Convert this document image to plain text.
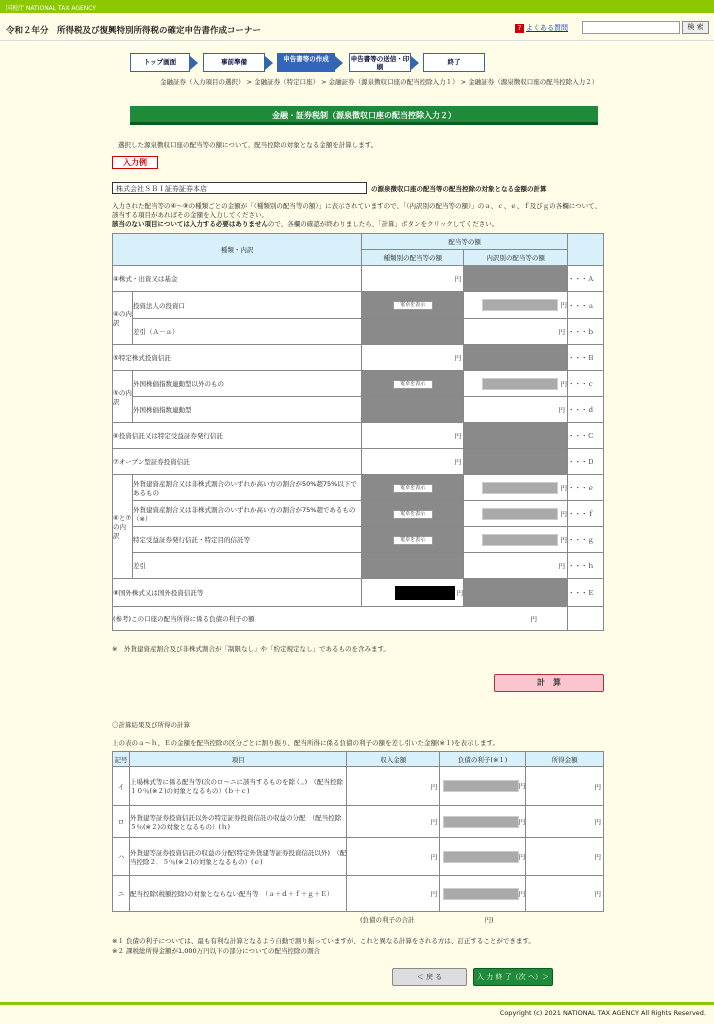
国税庁 NATIONAL TAX AGENCY
令和２年分　所得税及び復興特別所得税の確定申告書作成コーナー	? よくある質問	検 索
トップ画面	事前準備	申告書等の作成	申告書等の送信・印刷
終了
金融証券（入力項目の選択） > 金融証券（特定口座） > 金融証券（源泉徴収口座の配当控除入力１） > 金融証券（源泉徴収口座の配当控除入力２）
金融・証券税制（源泉徴収口座の配当控除入力２）
選択した源泉徴収口座の配当等の額について、配当控除の対象となる金額を計算します。
入力例
株式会社ＳＢＩ証券証券本店	の源泉徴収口座の配当等の配当控除の対象となる金額の計算
入力された配当等の④～⑧の種類ごとの金額が「（種類別の配当等の額）」に表示されていますので、「（内訳別の配当等の額）」のａ、ｃ、ｅ、ｆ及びｇの各欄について、該当する項目があればその金額を入力してください。
該当のない項目については入力する必要はありませんので、各欄の確認が終わりましたら、「計算」ボタンをクリックしてください。
種類・内訳		配当等の額		
		種類別の配当等の額	内訳別の配当等の額	
④株式・出資又は基金		円		・・・Ａ
④の内訳	投資法人の投資口	電卓を表示	円	・・・ａ
	差引（Ａ－ａ）		円	・・・ｂ
⑤特定株式投資信託		円		・・・Ｂ
⑤の内訳	外国株価指数連動型以外のもの	電卓を表示	円	・・・ｃ
	外国株価指数連動型		円	・・・ｄ
⑥投資信託又は特定受益証券発行信託		円		・・・Ｃ
⑦オープン型証券投資信託		円		・・・Ｄ
⑥と⑦の内訳	外貨建資産割合又は非株式割合のいずれか高い方の割合が50%超75%以下であるもの	電卓を表示	円	・・・ｅ
	外貨建資産割合又は非株式割合のいずれか高い方の割合が75%超であるもの（※）	電卓を表示	円	・・・ｆ
	特定受益証券発行信託・特定目的信託等	電卓を表示	円	・・・ｇ
	差引		円	・・・ｈ
⑧国外株式又は国外投資信託等		円		・・・Ｅ
(参考)この口座の配当所得に係る負債の利子の額 円				

※　外貨建資産割合及び非株式割合が「制限なし」や「約定規定なし」であるものを含みます。
計　算
〇計算結果及び所得の計算
上の表のａ～ｈ、Ｅの金額を配当控除の区分ごとに割り振り、配当所得に係る負債の利子の額を差し引いた金額(※１)を表示します。
記号	項目	収入金額	負債の利子(※１)	所得金額
イ	上場株式等に係る配当等(次のロ～ニに該当するものを除く。)　（配当控除１０％(※２)の対象となるもの）(ｂ＋ｃ)	円	円	円

ロ	外貨建等証券投資信託以外の特定証券投資信託の収益の分配　（配当控除５％(※２)の対象となるもの）(ｈ)	円	円	円

ハ	外貨建等証券投資信託の収益の分配(特定外貨建等証券投資信託以外)　（配当控除２．５％(※２)の対象となるもの）(ｅ)	円	円	円

ニ	配当控除(税額控除)の対象とならない配当等　（ａ＋ｄ＋ｆ＋ｇ＋Ｅ）	円	円	円
(負債の利子の合計	円)
※１ 負債の利子については、最も有利な計算となるよう自動で割り振っていますが、これと異なる計算をされる方は、訂正することができます。
※２ 課税総所得金額が1,000万円以下の部分についての配当控除の割合
＜ 戻 る	入 力 終 了（次 へ）＞
Copyright (c) 2021 NATIONAL TAX AGENCY All Rights Reserved.
